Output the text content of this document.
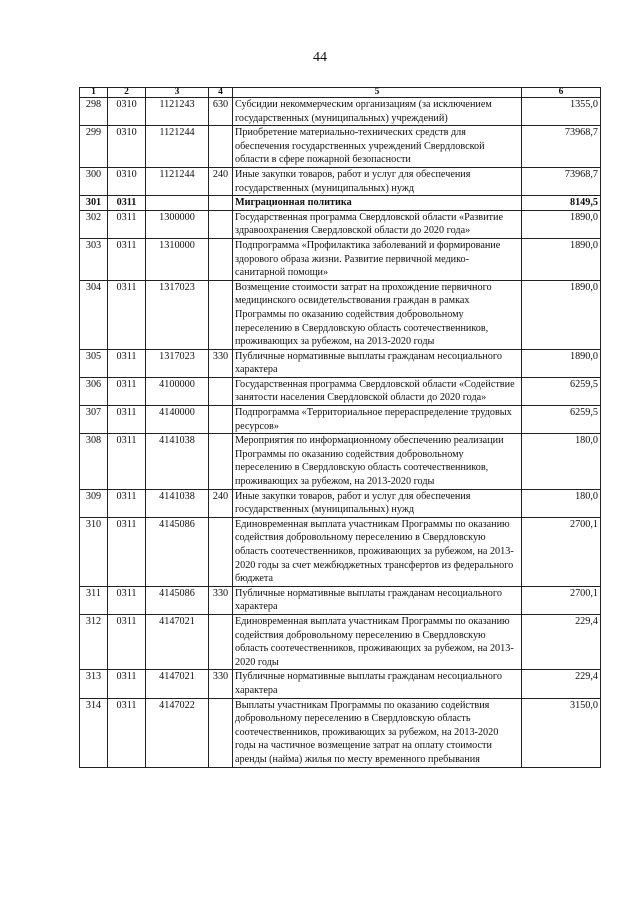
44
1	2	3	4	5	6
298	0310	1121243	630	Субсидии некоммерческим организациям (за исключением государственных (муниципальных) учреждений)	1355,0
299	0310	1121244		Приобретение материально-технических средств для обеспечения государственных учреждений Свердловской области в сфере пожарной безопасности	73968,7
300	0310	1121244	240	Иные закупки товаров, работ и услуг для обеспечения государственных (муниципальных) нужд	73968,7
301	0311			Миграционная политика	8149,5
302	0311	1300000		Государственная программа Свердловской области «Развитие здравоохранения Свердловской области до 2020 года»	1890,0
303	0311	1310000		Подпрограмма «Профилактика заболеваний и формирование здорового образа жизни. Развитие первичной медико-санитарной помощи»	1890,0
304	0311	1317023		Возмещение стоимости затрат на прохождение первичного медицинского освидетельствования граждан в рамках Программы по оказанию содействия добровольному переселению в Свердловскую область соотечественников, проживающих за рубежом, на 2013-2020 годы	1890,0
305	0311	1317023	330	Публичные нормативные выплаты гражданам несоциального характера	1890,0
306	0311	4100000		Государственная программа Свердловской области «Содействие занятости населения Свердловской области до 2020 года»	6259,5
307	0311	4140000		Подпрограмма «Территориальное перераспределение трудовых ресурсов»	6259,5
308	0311	4141038		Мероприятия по информационному обеспечению реализации Программы по оказанию содействия добровольному переселению в Свердловскую область соотечественников, проживающих за рубежом, на 2013-2020 годы	180,0
309	0311	4141038	240	Иные закупки товаров, работ и услуг для обеспечения государственных (муниципальных) нужд	180,0
310	0311	4145086		Единовременная выплата участникам Программы по оказанию содействия добровольному переселению в Свердловскую область соотечественников, проживающих за рубежом, на 2013-2020 годы за счет межбюджетных трансфертов из федерального бюджета	2700,1
311	0311	4145086	330	Публичные нормативные выплаты гражданам несоциального характера	2700,1
312	0311	4147021		Единовременная выплата участникам Программы по оказанию содействия добровольному переселению в Свердловскую область соотечественников, проживающих за рубежом, на 2013-2020 годы	229,4
313	0311	4147021	330	Публичные нормативные выплаты гражданам несоциального характера	229,4
314	0311	4147022		Выплаты участникам Программы по оказанию содействия добровольному переселению в Свердловскую область соотечественников, проживающих за рубежом, на 2013-2020 годы на частичное возмещение затрат на оплату стоимости аренды (найма) жилья по месту временного пребывания	3150,0
